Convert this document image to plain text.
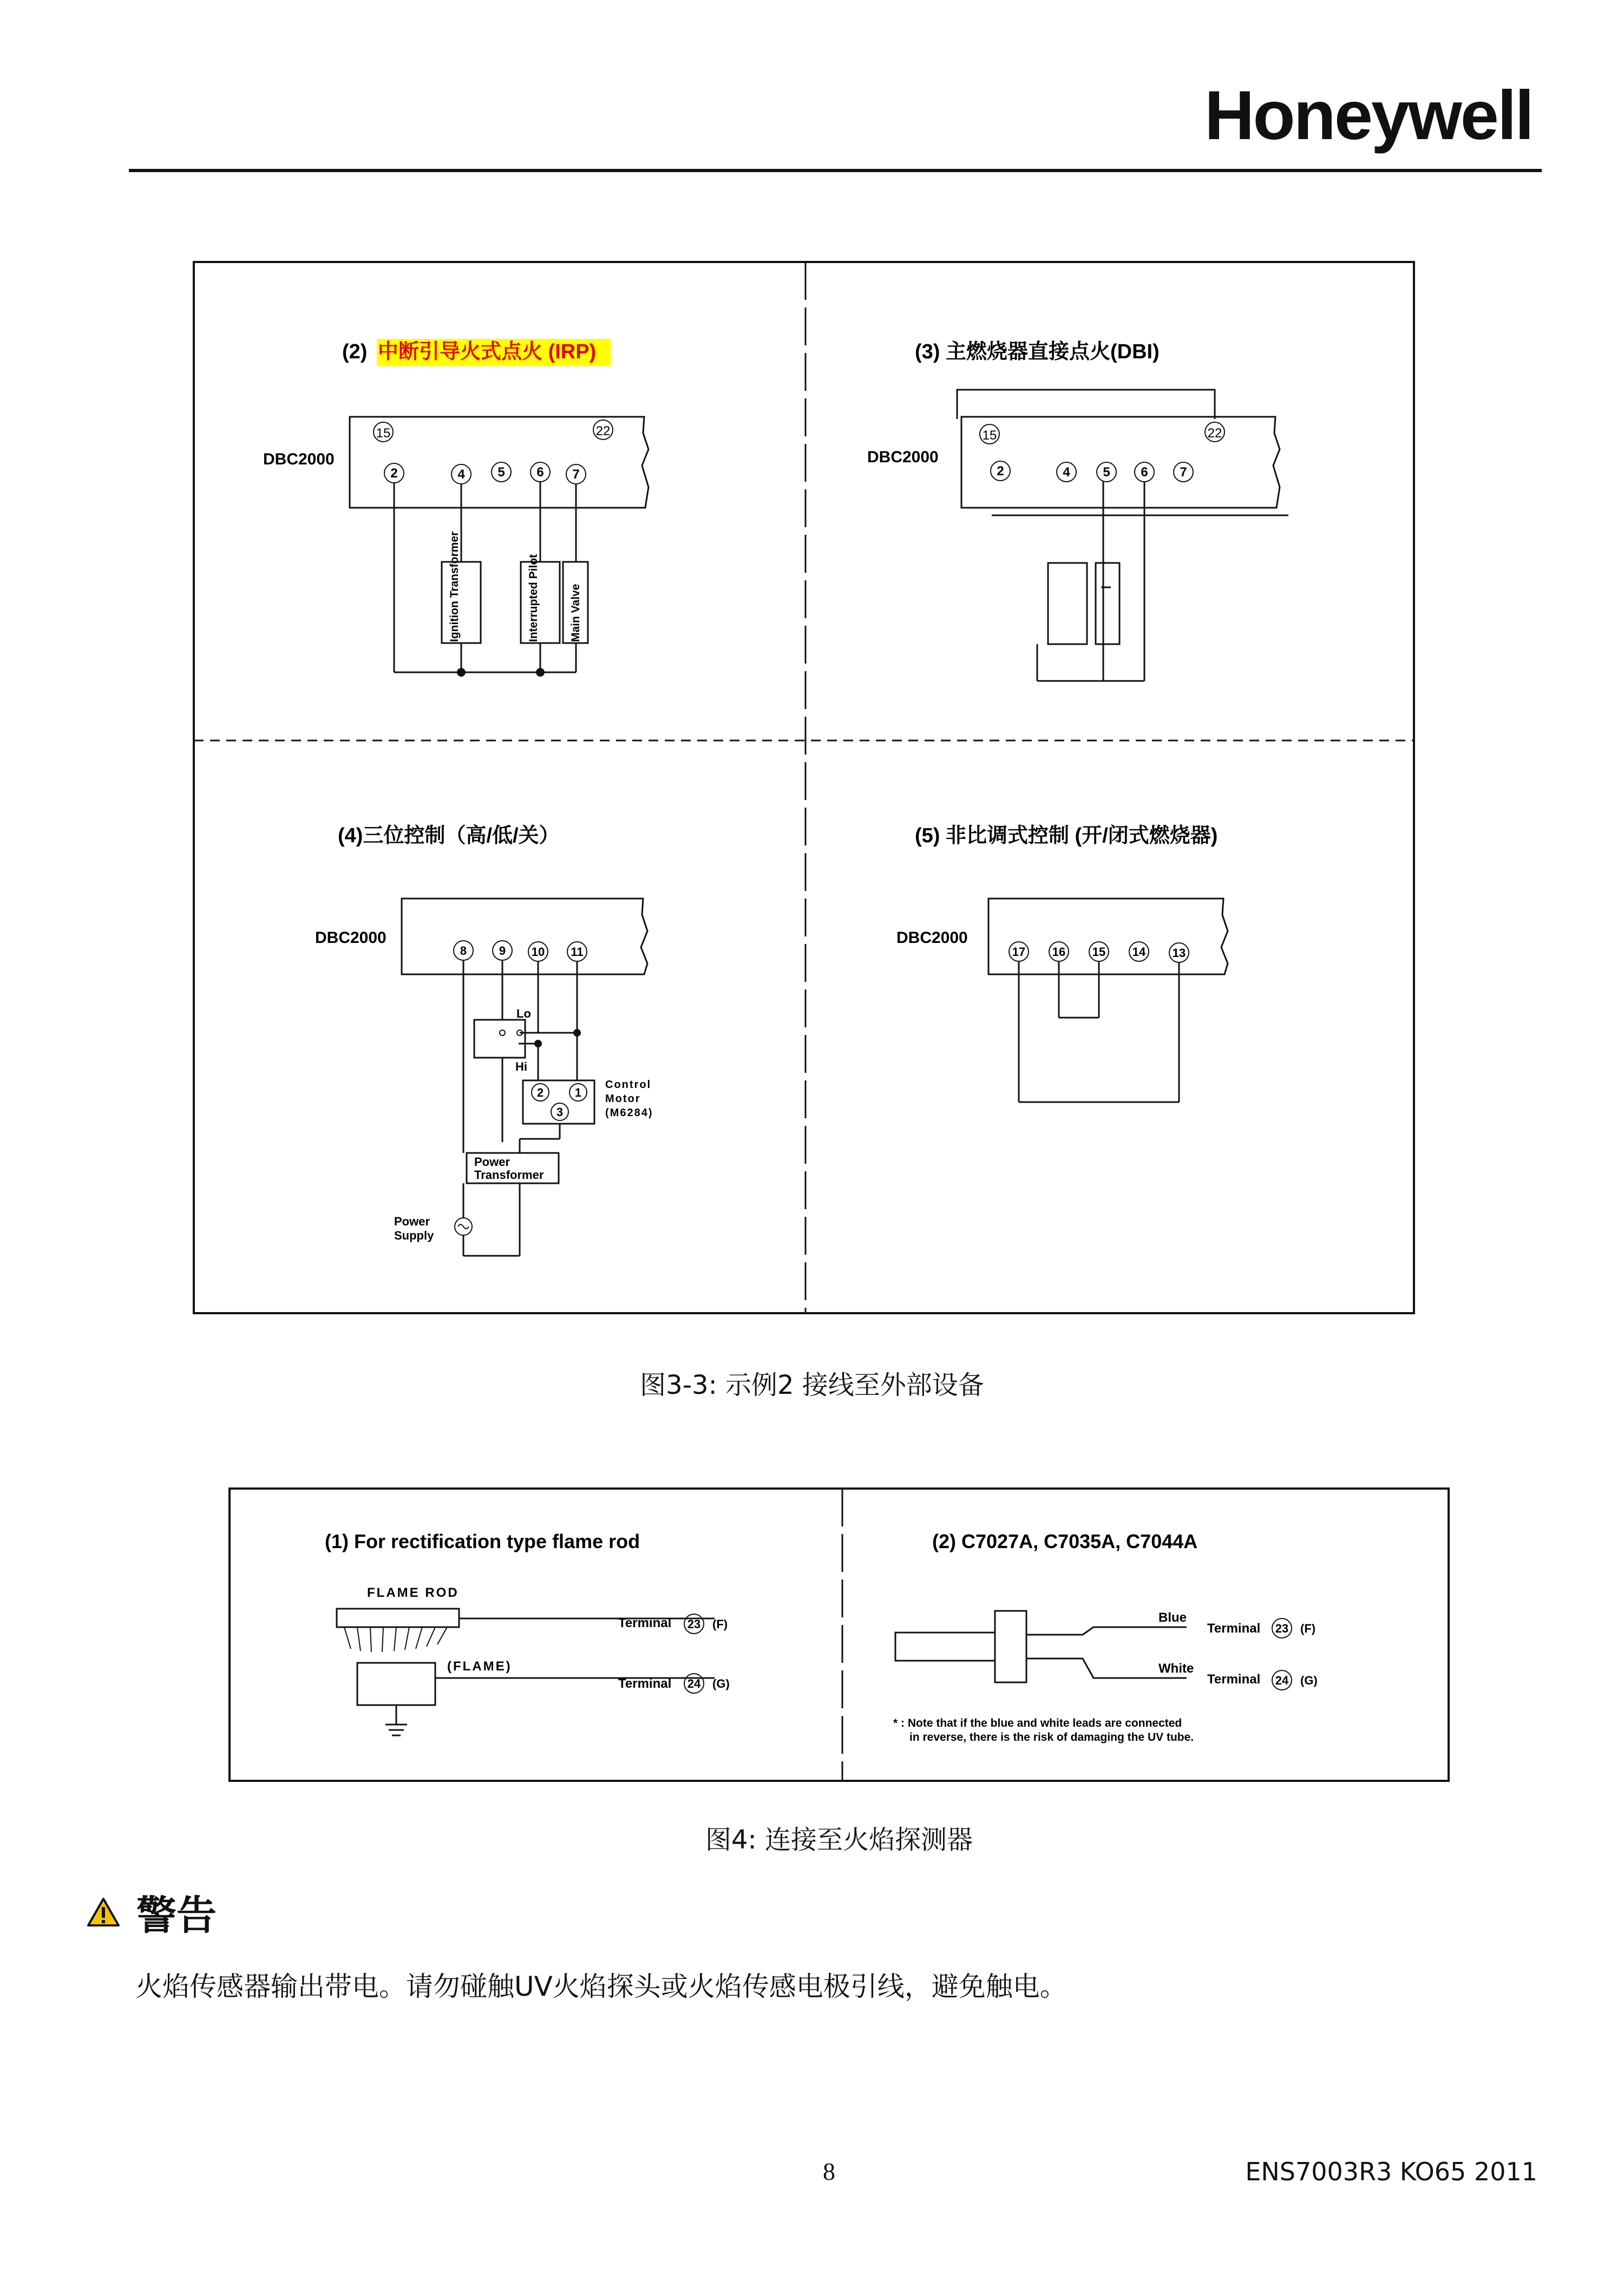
Honeywell
(2) 中断引导火式点火 (IRP)
DBC2000
15	22
2	4	5 6 7
Ignition Transformer	Interrupted Pilot	Main Valve
(3) 主燃烧器直接点火(DBI)
DBC2000
15	22
2	4	5 6 7
(4)三位控制（高/低/关）
DBC2000
8	9 10 11
Lo
Hi
2	1
3
Control
Motor
(M6284)
Power
Transformer
Power
Supply
(5) 非比调式控制 (开/闭式燃烧器)
DBC2000
17 16 15 14 13
图3-3: 示例2 接线至外部设备
(1) For rectification type flame rod
FLAME ROD
(FLAME)
Terminal 23 (F)
Terminal 24 (G)
(2) C7027A, C7035A, C7044A
Blue
White
Terminal 23 (F)
Terminal 24 (G)
* : Note that if the blue and white leads are connected
in reverse, there is the risk of damaging the UV tube.
图4: 连接至火焰探测器
警告
火焰传感器输出带电。请勿碰触UV火焰探头或火焰传感电极引线，避免触电。
8	ENS7003R3 KO65 2011
